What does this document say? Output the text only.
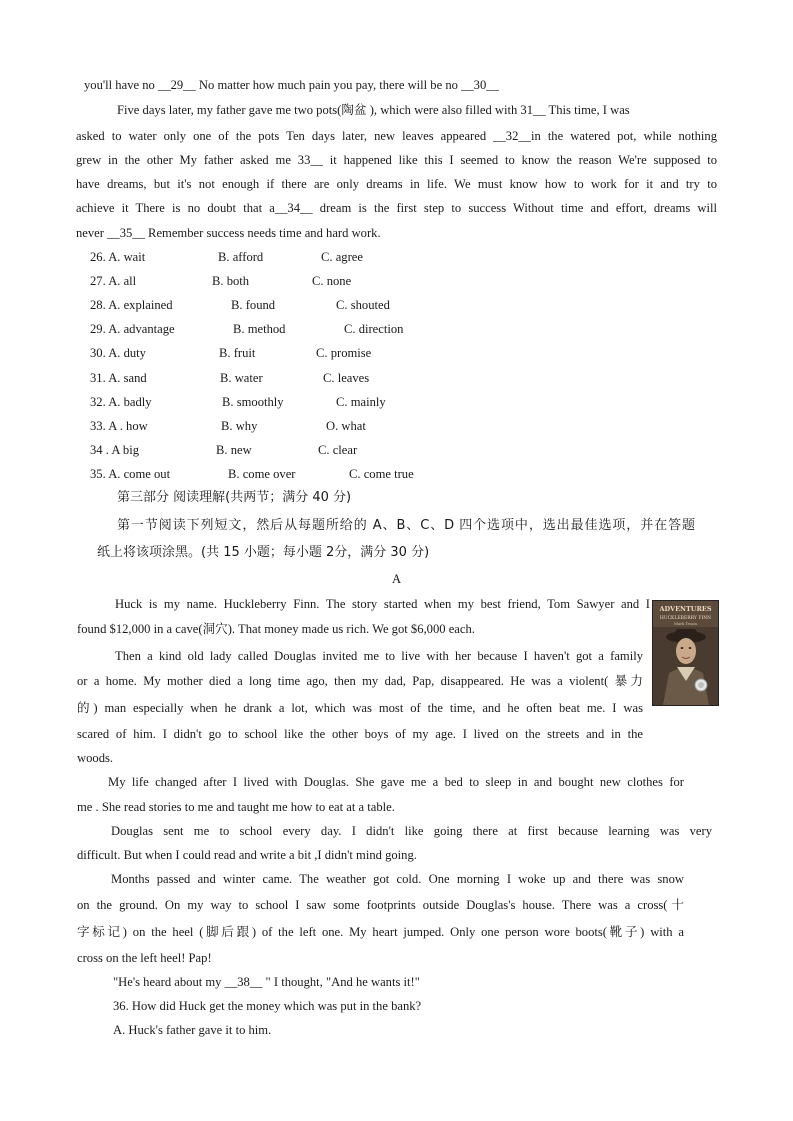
you'll have no __29__ No matter how much pain you pay, there will be no __30__
Five days later, my father gave me two pots(陶盆 ), which were also filled with 31__ This time, I was
asked to water only one of the pots Ten days later, new leaves appeared __32__in the watered pot, while nothing
grew in the other My father asked me 33__ it happened like this I seemed to know the reason We're supposed to
have dreams, but it's not enough if there are only dreams in life. We must know how to work for it and try to
achieve it There is no doubt that a__34__ dream is the first step to success Without time and effort, dreams will
never __35__ Remember success needs time and hard work.
26. A. wait	B. afford	C. agree
27. A. all	B. both	C. none
28. A. explained	B. found	C. shouted
29. A. advantage	B. method	C. direction
30. A. duty	B. fruit	C. promise
31. A. sand	B. water	C. leaves
32. A. badly	B. smoothly	C. mainly
33. A . how	B. why	O. what
34 . A big	B. new	C. clear
35. A. come out	B. come over	C. come true
第三部分 阅读理解(共两节；满分 40 分)
第一节阅读下列短文，然后从每题所给的 A、B、C、D 四个选项中，选出最佳选项，并在答题
纸上将该项涂黑。(共 15 小题；每小题 2分，满分 30 分)
A
ADVENTURES
HUCKLEBERRY FINN
Mark Twain
Huck is my name. Huckleberry Finn. The story started when my best friend, Tom Sawyer and I
found $12,000 in a cave(洞穴). That money made us rich. We got $6,000 each.
Then a kind old lady called Douglas invited me to live with her because I haven't got a family
or a home. My mother died a long time ago, then my dad, Pap, disappeared. He was a violent( 暴力
的) man especially when he drank a lot, which was most of the time, and he often beat me. I was
scared of him. I didn't go to school like the other boys of my age. I lived on the streets and in the
woods.
My life changed after I lived with Douglas. She gave me a bed to sleep in and bought new clothes for
me . She read stories to me and taught me how to eat at a table.
Douglas sent me to school every day. I didn't like going there at first because learning was very
difficult. But when I could read and write a bit ,I didn't mind going.
Months passed and winter came. The weather got cold. One morning I woke up and there was snow
on the ground. On my way to school I saw some footprints outside Douglas's house. There was a cross(十
字标记) on the heel (脚后跟) of the left one. My heart jumped. Only one person wore boots(靴子) with a
cross on the left heel! Pap!
"He's heard about my __38__ " I thought, "And he wants it!"
36. How did Huck get the money which was put in the bank?
A. Huck's father gave it to him.
